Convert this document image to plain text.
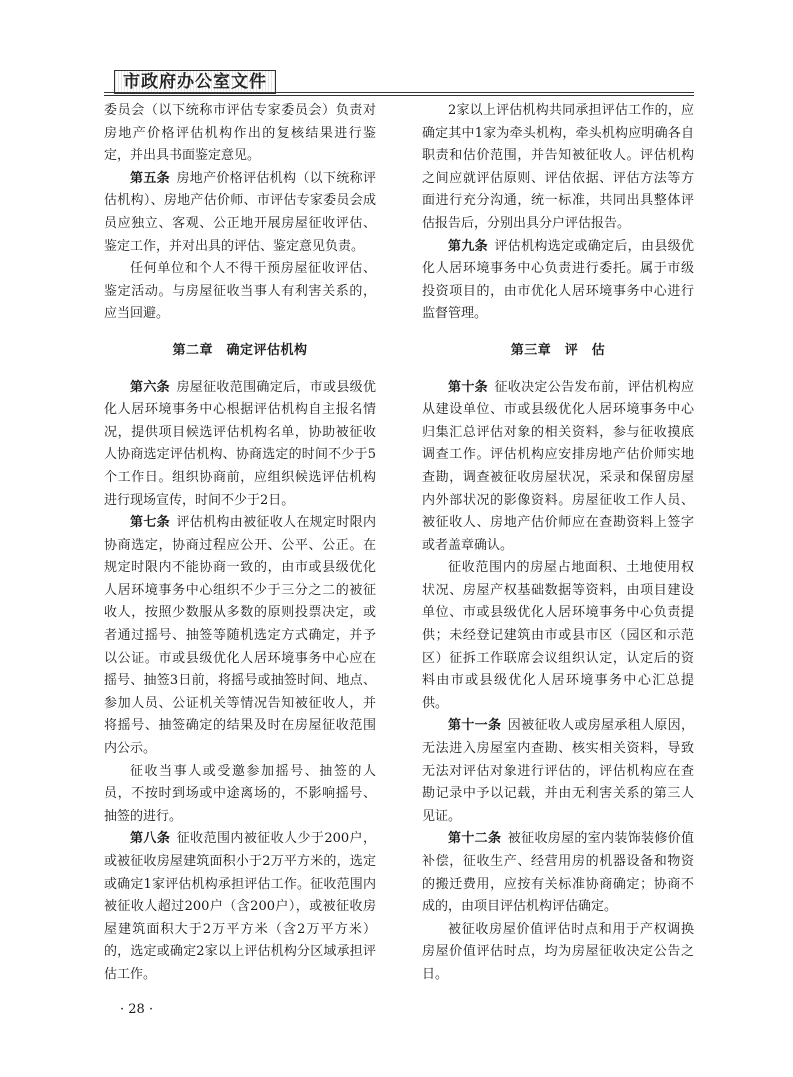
市政府办公室文件

委员会（以下统称市评估专家委员会）负责对房地产价格评估机构作出的复核结果进行鉴定，并出具书面鉴定意见。

第五条 房地产价格评估机构（以下统称评估机构）、房地产估价师、市评估专家委员会成员应独立、客观、公正地开展房屋征收评估、鉴定工作，并对出具的评估、鉴定意见负责。

任何单位和个人不得干预房屋征收评估、鉴定活动。与房屋征收当事人有利害关系的，应当回避。

第二章　确定评估机构

第六条 房屋征收范围确定后，市或县级优化人居环境事务中心根据评估机构自主报名情况，提供项目候选评估机构名单，协助被征收人协商选定评估机构、协商选定的时间不少于5个工作日。组织协商前，应组织候选评估机构进行现场宣传，时间不少于2日。

第七条 评估机构由被征收人在规定时限内协商选定，协商过程应公开、公平、公正。在规定时限内不能协商一致的，由市或县级优化人居环境事务中心组织不少于三分之二的被征收人，按照少数服从多数的原则投票决定，或者通过摇号、抽签等随机选定方式确定，并予以公证。市或县级优化人居环境事务中心应在摇号、抽签3日前，将摇号或抽签时间、地点、参加人员、公证机关等情况告知被征收人，并将摇号、抽签确定的结果及时在房屋征收范围内公示。

征收当事人或受邀参加摇号、抽签的人员，不按时到场或中途离场的，不影响摇号、抽签的进行。

第八条 征收范围内被征收人少于200户，或被征收房屋建筑面积小于2万平方米的，选定或确定1家评估机构承担评估工作。征收范围内被征收人超过200户（含200户），或被征收房屋建筑面积大于2万平方米（含2万平方米）的，选定或确定2家以上评估机构分区域承担评估工作。

2家以上评估机构共同承担评估工作的，应确定其中1家为牵头机构，牵头机构应明确各自职责和估价范围，并告知被征收人。评估机构之间应就评估原则、评估依据、评估方法等方面进行充分沟通，统一标准，共同出具整体评估报告后，分别出具分户评估报告。

第九条 评估机构选定或确定后，由县级优化人居环境事务中心负责进行委托。属于市级投资项目的，由市优化人居环境事务中心进行监督管理。

第三章　评　估

第十条 征收决定公告发布前，评估机构应从建设单位、市或县级优化人居环境事务中心归集汇总评估对象的相关资料，参与征收摸底调查工作。评估机构应安排房地产估价师实地查勘，调查被征收房屋状况，采录和保留房屋内外部状况的影像资料。房屋征收工作人员、被征收人、房地产估价师应在查勘资料上签字或者盖章确认。

征收范围内的房屋占地面积、土地使用权状况、房屋产权基础数据等资料，由项目建设单位、市或县级优化人居环境事务中心负责提供；未经登记建筑由市或县市区（园区和示范区）征拆工作联席会议组织认定，认定后的资料由市或县级优化人居环境事务中心汇总提供。

第十一条 因被征收人或房屋承租人原因，无法进入房屋室内查勘、核实相关资料，导致无法对评估对象进行评估的，评估机构应在查勘记录中予以记载，并由无利害关系的第三人见证。

第十二条 被征收房屋的室内装饰装修价值补偿，征收生产、经营用房的机器设备和物资的搬迁费用，应按有关标准协商确定；协商不成的，由项目评估机构评估确定。

被征收房屋价值评估时点和用于产权调换房屋价值评估时点，均为房屋征收决定公告之日。

· 28 ·
